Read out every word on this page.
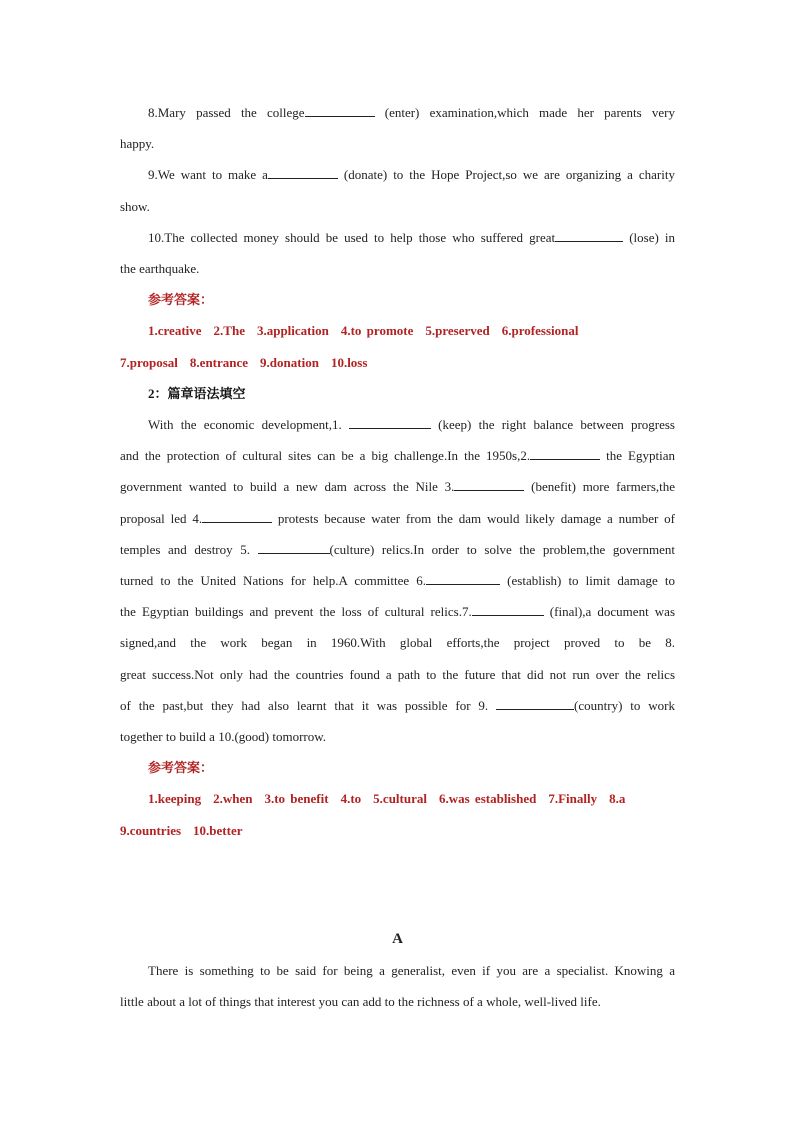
8.Mary passed the college	(enter) examination,which made her parents very

happy.

9.We want to make a	(donate) to the Hope Project,so we are organizing a charity

show.

10.The collected money should be used to help those who suffered great	(lose) in

the earthquake.

参考答案：

1.creative 2.The 3.application 4.to promote 5.preserved 6.professional

7.proposal 8.entrance 9.donation 10.loss

2：篇章语法填空

With the economic development,1.	(keep) the right balance between progress

and the protection of cultural sites can be a big challenge.In the 1950s,2.	the Egyptian

government wanted to build a new dam across the Nile 3.	(benefit) more farmers,the

proposal led 4.	protests because water from the dam would likely damage a number of

temples and destroy 5.	(culture) relics.In order to solve the problem,the government

turned to the United Nations for help.A committee 6.	(establish) to limit damage to

the Egyptian buildings and prevent the loss of cultural relics.7.	(final),a document was

signed,and the work began in 1960.With global efforts,the project proved to be 8.

great success.Not only had the countries found a path to the future that did not run over the relics

of the past,but they had also learnt that it was possible for 9.	(country) to work

together to build a 10.(good) tomorrow.

参考答案：

1.keeping 2.when 3.to benefit 4.to 5.cultural 6.was established 7.Finally 8.a

9.countries 10.better

A

There is something to be said for being a generalist, even if you are a specialist. Knowing a

little about a lot of things that interest you can add to the richness of a whole, well-lived life.
